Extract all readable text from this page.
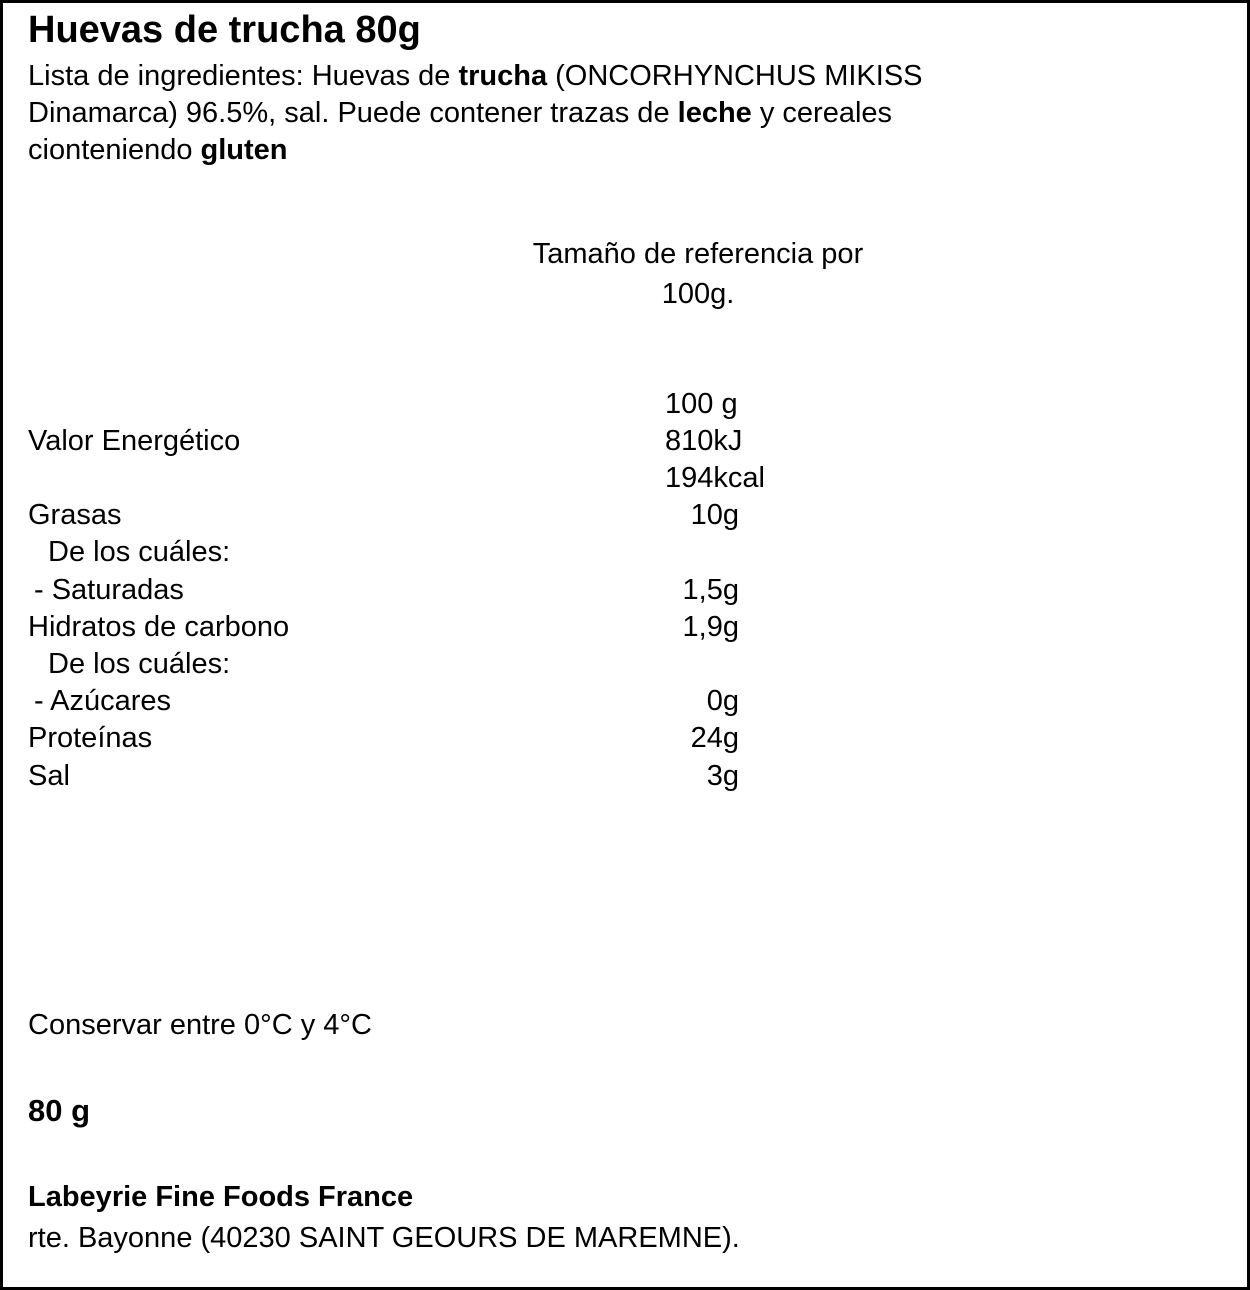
Huevas de trucha 80g
Lista de ingredientes: Huevas de trucha (ONCORHYNCHUS MIKISS
Dinamarca) 96.5%, sal. Puede contener trazas de leche y cereales
cionteniendo gluten
Tamaño de referencia por
100g.
100 g
Valor Energético	810kJ
194kcal
Grasas	10g
De los cuáles:
- Saturadas	1,5g
Hidratos de carbono	1,9g
De los cuáles:
- Azúcares	0g
Proteínas	24g
Sal	3g
Conservar entre 0°C y 4°C
80 g
Labeyrie Fine Foods France
rte. Bayonne (40230 SAINT GEOURS DE MAREMNE).
